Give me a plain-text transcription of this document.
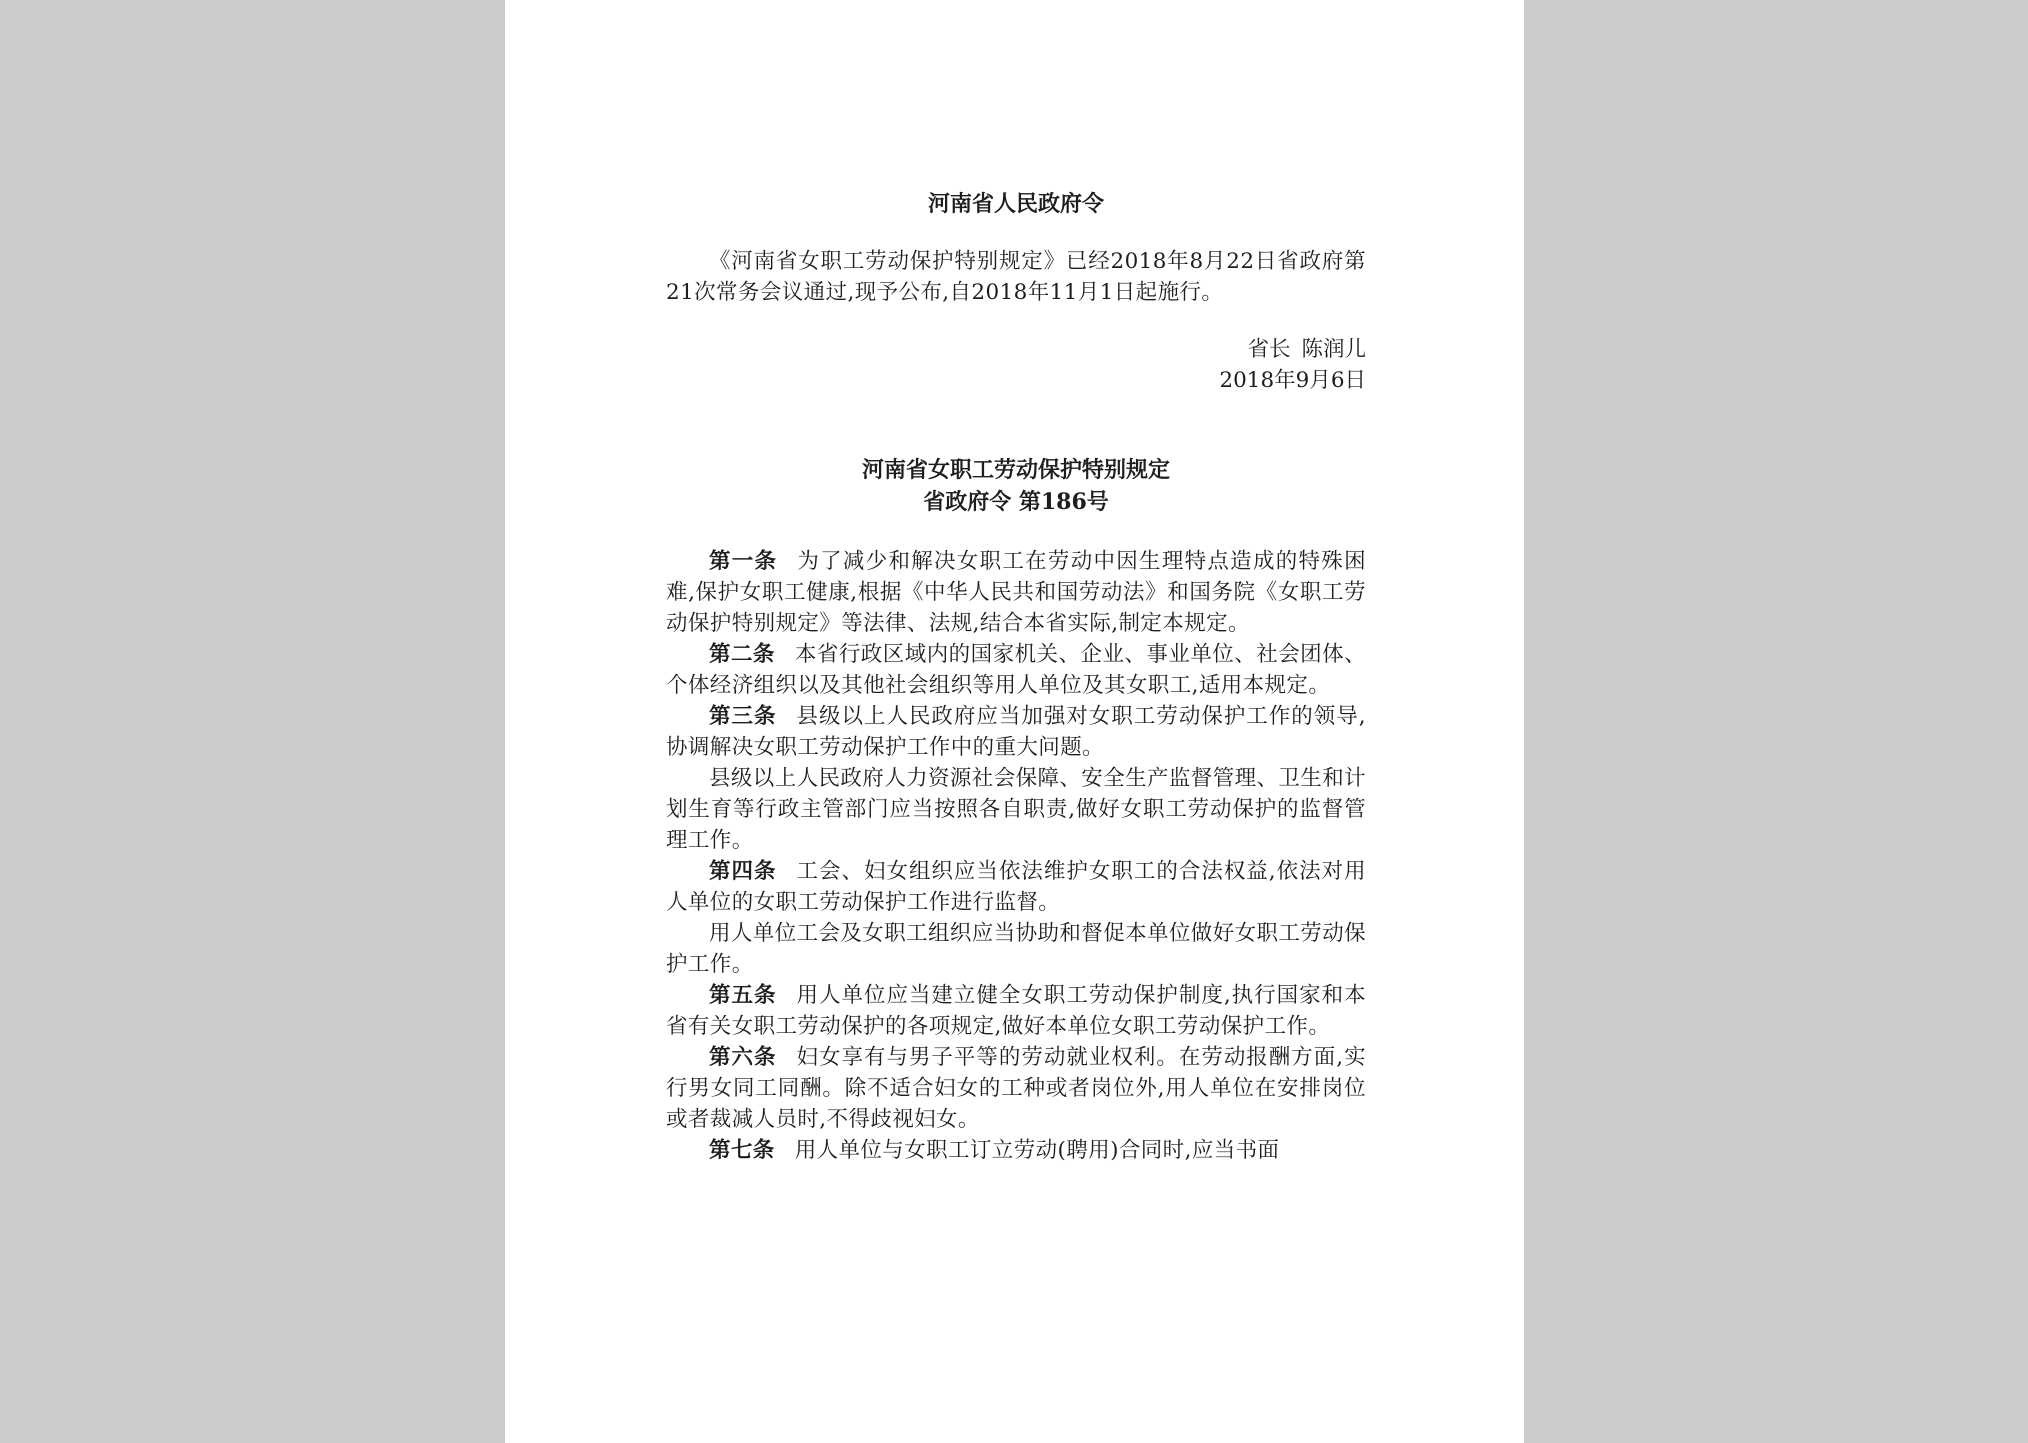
河南省人民政府令

《河南省女职工劳动保护特别规定》已经2018年8月22日省政府第21次常务会议通过,现予公布,自2018年11月1日起施行。

省长 陈润儿
2018年9月6日
河南省女职工劳动保护特别规定
省政府令 第186号

第一条 为了减少和解决女职工在劳动中因生理特点造成的特殊困难,保护女职工健康,根据《中华人民共和国劳动法》和国务院《女职工劳动保护特别规定》等法律、法规,结合本省实际,制定本规定。

第二条 本省行政区域内的国家机关、企业、事业单位、社会团体、个体经济组织以及其他社会组织等用人单位及其女职工,适用本规定。

第三条 县级以上人民政府应当加强对女职工劳动保护工作的领导,协调解决女职工劳动保护工作中的重大问题。

县级以上人民政府人力资源社会保障、安全生产监督管理、卫生和计划生育等行政主管部门应当按照各自职责,做好女职工劳动保护的监督管理工作。

第四条 工会、妇女组织应当依法维护女职工的合法权益,依法对用人单位的女职工劳动保护工作进行监督。

用人单位工会及女职工组织应当协助和督促本单位做好女职工劳动保护工作。

第五条 用人单位应当建立健全女职工劳动保护制度,执行国家和本省有关女职工劳动保护的各项规定,做好本单位女职工劳动保护工作。

第六条 妇女享有与男子平等的劳动就业权利。在劳动报酬方面,实行男女同工同酬。除不适合妇女的工种或者岗位外,用人单位在安排岗位或者裁减人员时,不得歧视妇女。

第七条 用人单位与女职工订立劳动(聘用)合同时,应当书面
